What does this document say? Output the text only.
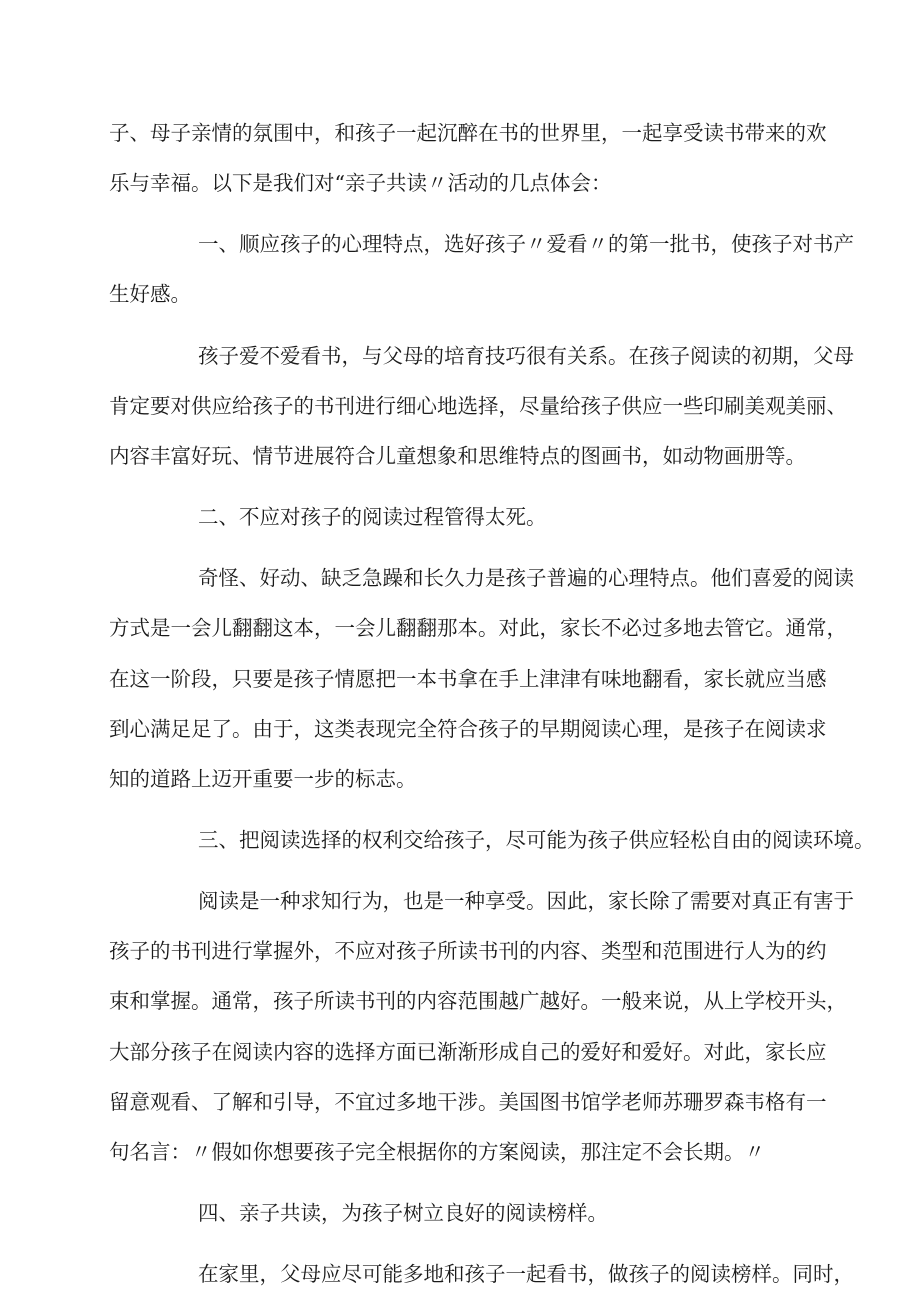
子、母子亲情的氛围中，和孩子一起沉醉在书的世界里，一起享受读书带来的欢
乐与幸福。以下是我们对“亲子共读〃活动的几点体会：
一、顺应孩子的心理特点，选好孩子〃爱看〃的第一批书，使孩子对书产
生好感。
孩子爱不爱看书，与父母的培育技巧很有关系。在孩子阅读的初期，父母
肯定要对供应给孩子的书刊进行细心地选择，尽量给孩子供应一些印刷美观美丽、
内容丰富好玩、情节进展符合儿童想象和思维特点的图画书，如动物画册等。
二、不应对孩子的阅读过程管得太死。
奇怪、好动、缺乏急躁和长久力是孩子普遍的心理特点。他们喜爱的阅读
方式是一会儿翻翻这本，一会儿翻翻那本。对此，家长不必过多地去管它。通常，
在这一阶段，只要是孩子情愿把一本书拿在手上津津有味地翻看，家长就应当感
到心满足足了。由于，这类表现完全符合孩子的早期阅读心理，是孩子在阅读求
知的道路上迈开重要一步的标志。
三、把阅读选择的权利交给孩子，尽可能为孩子供应轻松自由的阅读环境。
阅读是一种求知行为，也是一种享受。因此，家长除了需要对真正有害于
孩子的书刊进行掌握外，不应对孩子所读书刊的内容、类型和范围进行人为的约
束和掌握。通常，孩子所读书刊的内容范围越广越好。一般来说，从上学校开头，
大部分孩子在阅读内容的选择方面已渐渐形成自己的爱好和爱好。对此，家长应
留意观看、了解和引导，不宜过多地干涉。美国图书馆学老师苏珊罗森韦格有一
句名言：〃假如你想要孩子完全根据你的方案阅读，那注定不会长期。〃
四、亲子共读，为孩子树立良好的阅读榜样。
在家里，父母应尽可能多地和孩子一起看书，做孩子的阅读榜样。同时，
